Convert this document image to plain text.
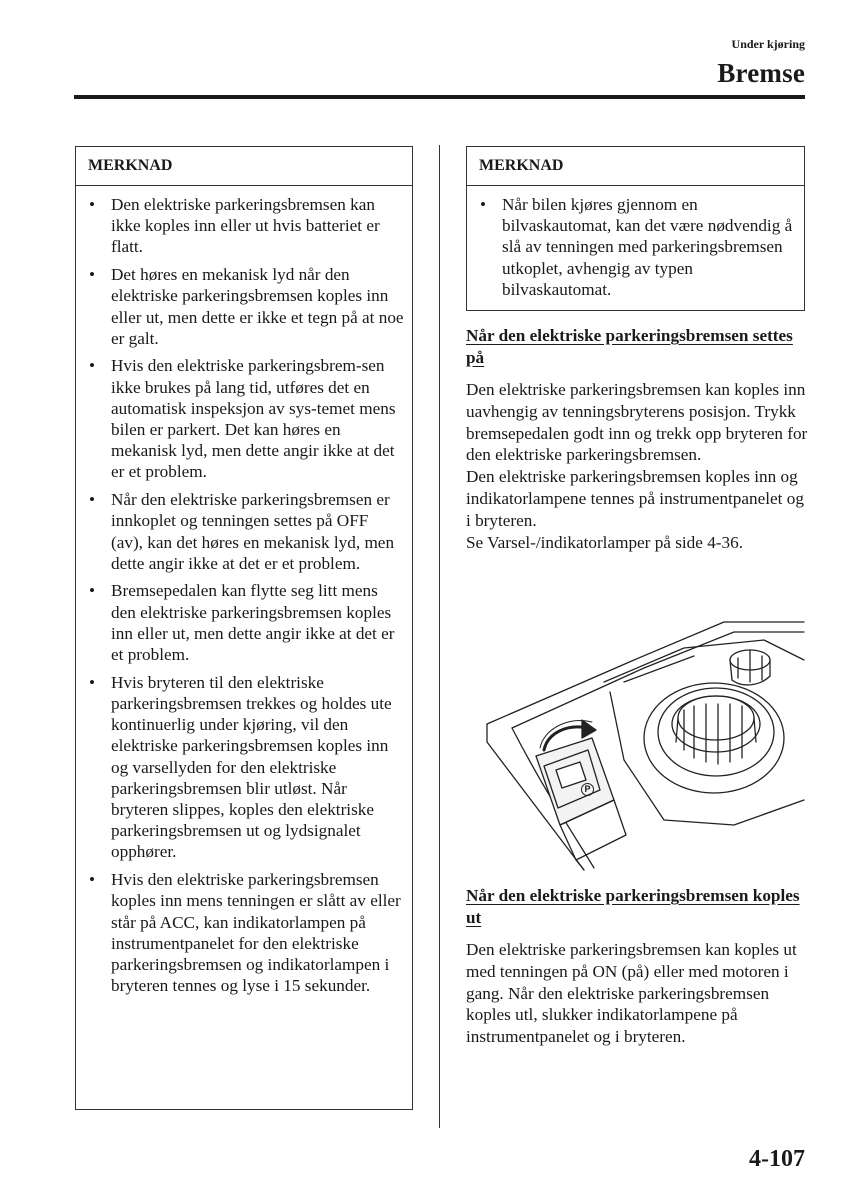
Under kjøring
Bremse
MERKNAD
• Den elektriske parkeringsbremsen kan ikke koples inn eller ut hvis batteriet er flatt.
• Det høres en mekanisk lyd når den elektriske parkeringsbremsen koples inn eller ut, men dette er ikke et tegn på at noe er galt.
• Hvis den elektriske parkeringsbrem-sen ikke brukes på lang tid, utføres det en automatisk inspeksjon av sys-temet mens bilen er parkert. Det kan høres en mekanisk lyd, men dette angir ikke at det er et problem.
• Når den elektriske parkeringsbremsen er innkoplet og tenningen settes på OFF (av), kan det høres en mekanisk lyd, men dette angir ikke at det er et problem.
• Bremsepedalen kan flytte seg litt mens den elektriske parkeringsbremsen koples inn eller ut, men dette angir ikke at det er et problem.
• Hvis bryteren til den elektriske parkeringsbremsen trekkes og holdes ute kontinuerlig under kjøring, vil den elektriske parkeringsbremsen koples inn og varsellyden for den elektriske parkeringsbremsen blir utløst. Når bryteren slippes, koples den elektriske parkeringsbremsen ut og lydsignalet opphører.
• Hvis den elektriske parkeringsbremsen koples inn mens tenningen er slått av eller står på ACC, kan indikatorlampen på instrumentpanelet for den elektriske parkeringsbremsen og indikatorlampen i bryteren tennes og lyse i 15 sekunder.
MERKNAD
• Når bilen kjøres gjennom en bilvaskautomat, kan det være nødvendig å slå av tenningen med parkeringsbremsen utkoplet, avhengig av typen bilvaskautomat.
Når den elektriske parkeringsbremsen settes på

Den elektriske parkeringsbremsen kan koples inn uavhengig av tenningsbryterens posisjon. Trykk bremsepedalen godt inn og trekk opp bryteren for den elektriske parkeringsbremsen.

Den elektriske parkeringsbremsen koples inn og indikatorlampene tennes på instrumentpanelet og i bryteren.

Se Varsel-/indikatorlamper på side 4-36.

P
Når den elektriske parkeringsbremsen koples ut

Den elektriske parkeringsbremsen kan koples ut med tenningen på ON (på) eller med motoren i gang. Når den elektriske parkeringsbremsen koples utl, slukker indikatorlampene på instrumentpanelet og i bryteren.

4-107
